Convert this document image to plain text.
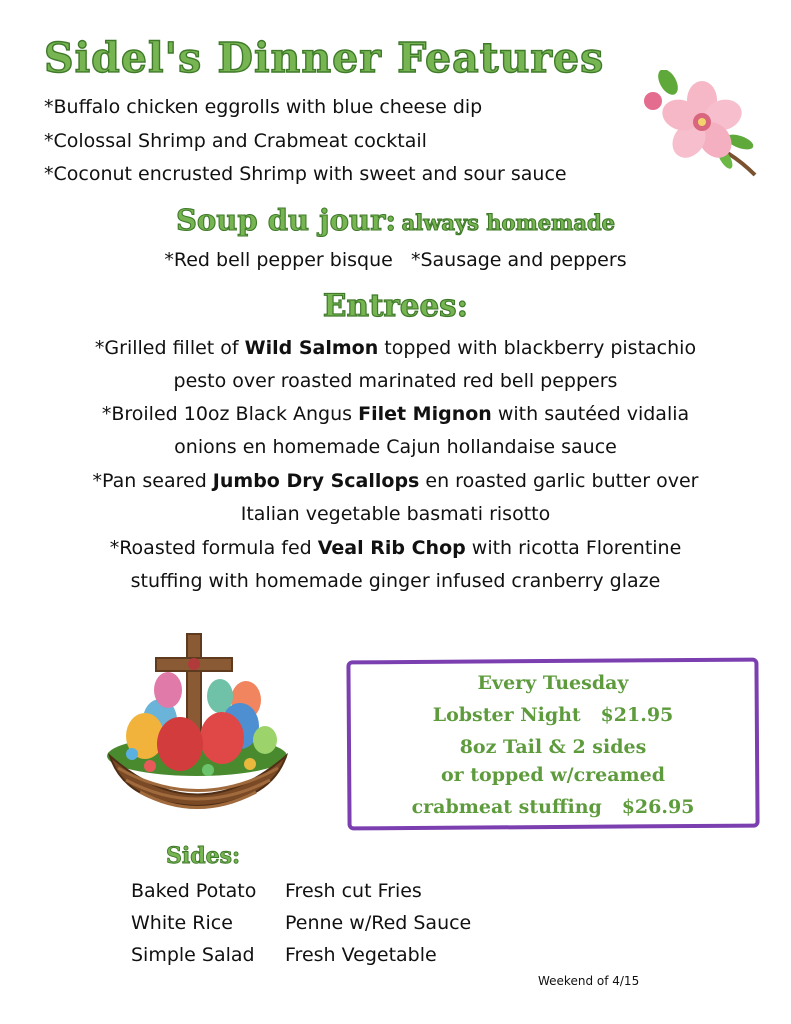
Sidel's Dinner Features
*Buffalo chicken eggrolls with blue cheese dip
*Colossal Shrimp and Crabmeat cocktail
*Coconut encrusted Shrimp with sweet and sour sauce
Soup du jour: always homemade
*Red bell pepper bisque *Sausage and peppers
Entrees:
*Grilled fillet of Wild Salmon topped with blackberry pistachio
pesto over roasted marinated red bell peppers
*Broiled 10oz Black Angus Filet Mignon with sautéed vidalia
onions en homemade Cajun hollandaise sauce
*Pan seared Jumbo Dry Scallops en roasted garlic butter over
Italian vegetable basmati risotto
*Roasted formula fed Veal Rib Chop with ricotta Florentine
stuffing with homemade ginger infused cranberry glaze
Every Tuesday
Lobster Night   $21.95
8oz Tail & 2 sides
or topped w/creamed
crabmeat stuffing   $26.95
Sides:
Baked Potato
White Rice
Simple Salad
Fresh cut Fries
Penne w/Red Sauce
Fresh Vegetable
Weekend of 4/15
